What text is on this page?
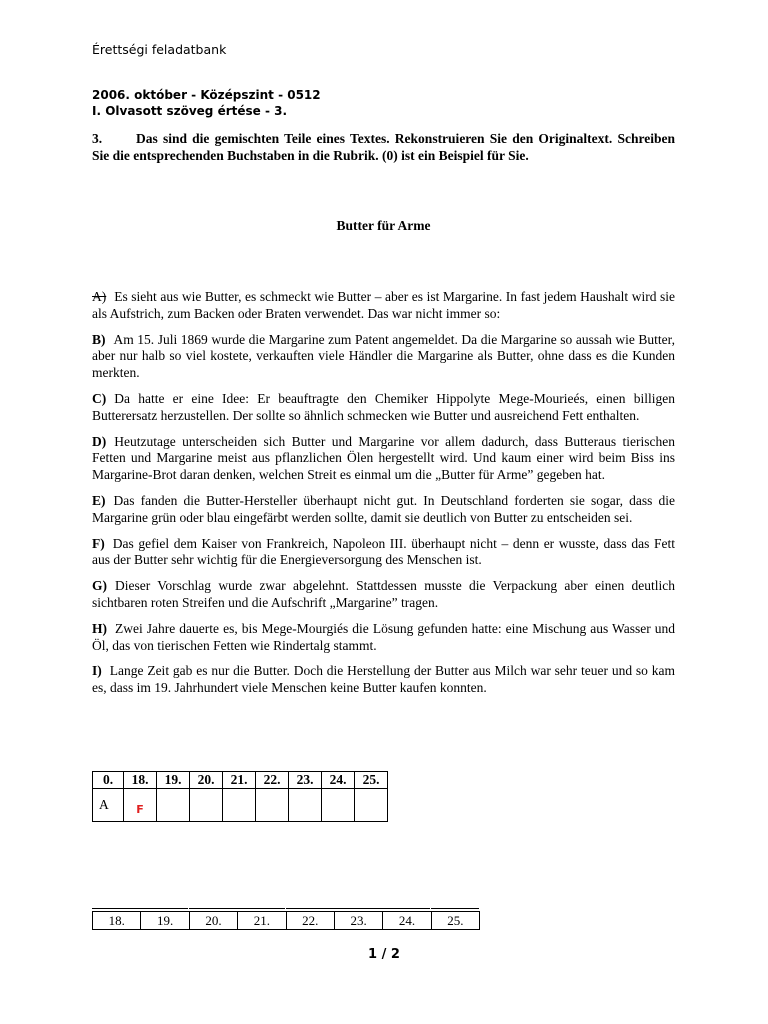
Érettségi feladatbank
2006. október - Középszint - 0512
I. Olvasott szöveg értése - 3.
3.	Das sind die gemischten Teile eines Textes. Rekonstruieren Sie den Originaltext. Schreiben Sie die entsprechenden Buchstaben in die Rubrik. (0) ist ein Beispiel für Sie.
Butter für Arme

A) Es sieht aus wie Butter, es schmeckt wie Butter – aber es ist Margarine. In fast jedem Haushalt wird sie als Aufstrich, zum Backen oder Braten verwendet. Das war nicht immer so:

B) Am 15. Juli 1869 wurde die Margarine zum Patent angemeldet. Da die Margarine so aussah wie Butter, aber nur halb so viel kostete, verkauften viele Händler die Margarine als Butter, ohne dass es die Kunden merkten.

C) Da hatte er eine Idee: Er beauftragte den Chemiker Hippolyte Mege-Mourieés, einen billigen Butterersatz herzustellen. Der sollte so ähnlich schmecken wie Butter und ausreichend Fett enthalten.

D) Heutzutage unterscheiden sich Butter und Margarine vor allem dadurch, dass Butteraus tierischen Fetten und Margarine meist aus pflanzlichen Ölen hergestellt wird. Und kaum einer wird beim Biss ins Margarine-Brot daran denken, welchen Streit es einmal um die „Butter für Arme” gegeben hat.

E) Das fanden die Butter-Hersteller überhaupt nicht gut. In Deutschland forderten sie sogar, dass die Margarine grün oder blau eingefärbt werden sollte, damit sie deutlich von Butter zu entscheiden sei.

F) Das gefiel dem Kaiser von Frankreich, Napoleon III. überhaupt nicht – denn er wusste, dass das Fett aus der Butter sehr wichtig für die Energieversorgung des Menschen ist.

G) Dieser Vorschlag wurde zwar abgelehnt. Stattdessen musste die Verpackung aber einen deutlich sichtbaren roten Streifen und die Aufschrift „Margarine” tragen.

H) Zwei Jahre dauerte es, bis Mege-Mourgiés die Lösung gefunden hatte: eine Mischung aus Wasser und Öl, das von tierischen Fetten wie Rindertalg stammt.

I) Lange Zeit gab es nur die Butter. Doch die Herstellung der Butter aus Milch war sehr teuer und so kam es, dass im 19. Jahrhundert viele Menschen keine Butter kaufen konnten.

0.	18.	19.	20.	21.	22.	23.	24.	25.
A	$_F$							
18.	19.	20.	21.	22.	23.	24.	25.
1 / 2
